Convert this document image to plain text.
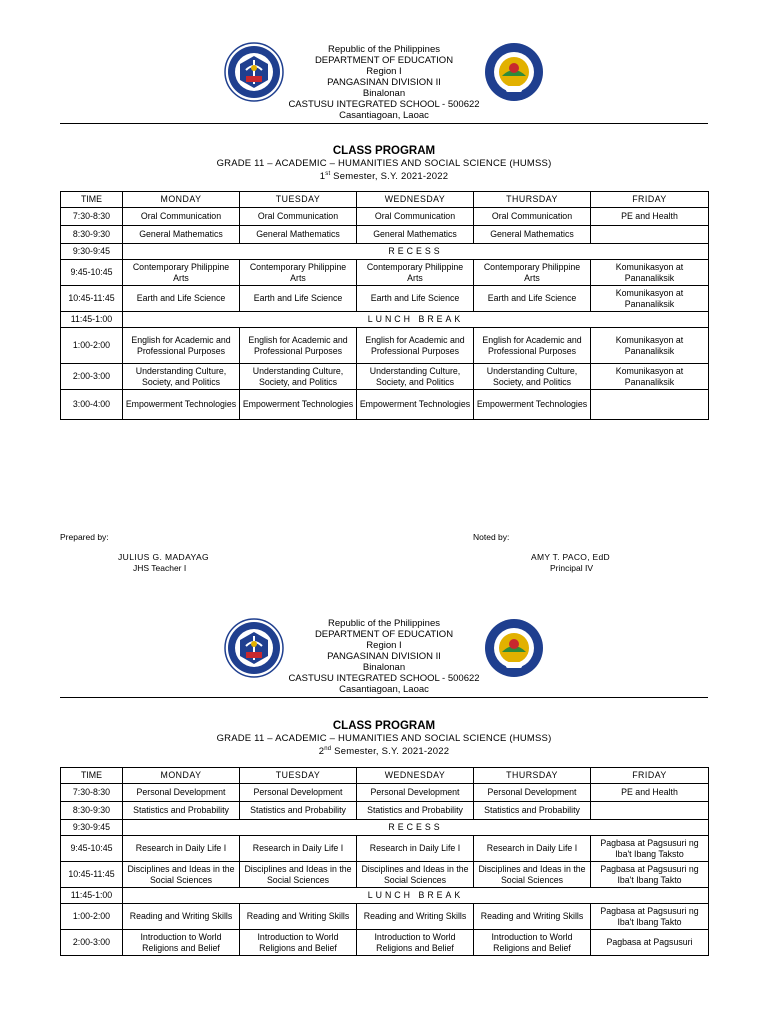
Republic of the Philippines
DEPARTMENT OF EDUCATION
Region I
PANGASINAN DIVISION II
Binalonan
CASTUSU INTEGRATED SCHOOL - 500622
Casantiagoan, Laoac
CLASS PROGRAM
GRADE 11 – ACADEMIC – HUMANITIES AND SOCIAL SCIENCE (HUMSS)
1st Semester, S.Y. 2021-2022
TIME	MONDAY	TUESDAY	WEDNESDAY	THURSDAY	FRIDAY
7:30-8:30	Oral Communication	Oral Communication	Oral Communication	Oral Communication	PE and Health
8:30-9:30	General Mathematics	General Mathematics	General Mathematics	General Mathematics	
9:30-9:45	RECESS				
9:45-10:45	Contemporary Philippine Arts	Contemporary Philippine Arts	Contemporary Philippine Arts	Contemporary Philippine Arts	Komunikasyon at Pananaliksik
10:45-11:45	Earth and Life Science	Earth and Life Science	Earth and Life Science	Earth and Life Science	Komunikasyon at Pananaliksik
11:45-1:00	LUNCH BREAK				
1:00-2:00	English for Academic and Professional Purposes	English for Academic and Professional Purposes	English for Academic and Professional Purposes	English for Academic and Professional Purposes	Komunikasyon at Pananaliksik
2:00-3:00	Understanding Culture, Society, and Politics	Understanding Culture, Society, and Politics	Understanding Culture, Society, and Politics	Understanding Culture, Society, and Politics	Komunikasyon at Pananaliksik
3:00-4:00	Empowerment Technologies	Empowerment Technologies	Empowerment Technologies	Empowerment Technologies	
Prepared by:
JULIUS G. MADAYAG
JHS Teacher I
Noted by:
AMY T. PACO, EdD
Principal IV
Republic of the Philippines
DEPARTMENT OF EDUCATION
Region I
PANGASINAN DIVISION II
Binalonan
CASTUSU INTEGRATED SCHOOL - 500622
Casantiagoan, Laoac
CLASS PROGRAM
GRADE 11 – ACADEMIC – HUMANITIES AND SOCIAL SCIENCE (HUMSS)
2nd Semester, S.Y. 2021-2022
TIME	MONDAY	TUESDAY	WEDNESDAY	THURSDAY	FRIDAY
7:30-8:30	Personal Development	Personal Development	Personal Development	Personal Development	PE and Health
8:30-9:30	Statistics and Probability	Statistics and Probability	Statistics and Probability	Statistics and Probability	
9:30-9:45	RECESS				
9:45-10:45	Research in Daily Life I	Research in Daily Life I	Research in Daily Life I	Research in Daily Life I	Pagbasa at Pagsusuri ng Iba't Ibang Taksto
10:45-11:45	Disciplines and Ideas in the Social Sciences	Disciplines and Ideas in the Social Sciences	Disciplines and Ideas in the Social Sciences	Disciplines and Ideas in the Social Sciences	Pagbasa at Pagsusuri ng Iba't Ibang Takto
11:45-1:00	LUNCH BREAK				
1:00-2:00	Reading and Writing Skills	Reading and Writing Skills	Reading and Writing Skills	Reading and Writing Skills	Pagbasa at Pagsusuri ng Iba't Ibang Takto
2:00-3:00	Introduction to World Religions and Belief	Introduction to World Religions and Belief	Introduction to World Religions and Belief	Introduction to World Religions and Belief	Pagbasa at Pagsusuri
